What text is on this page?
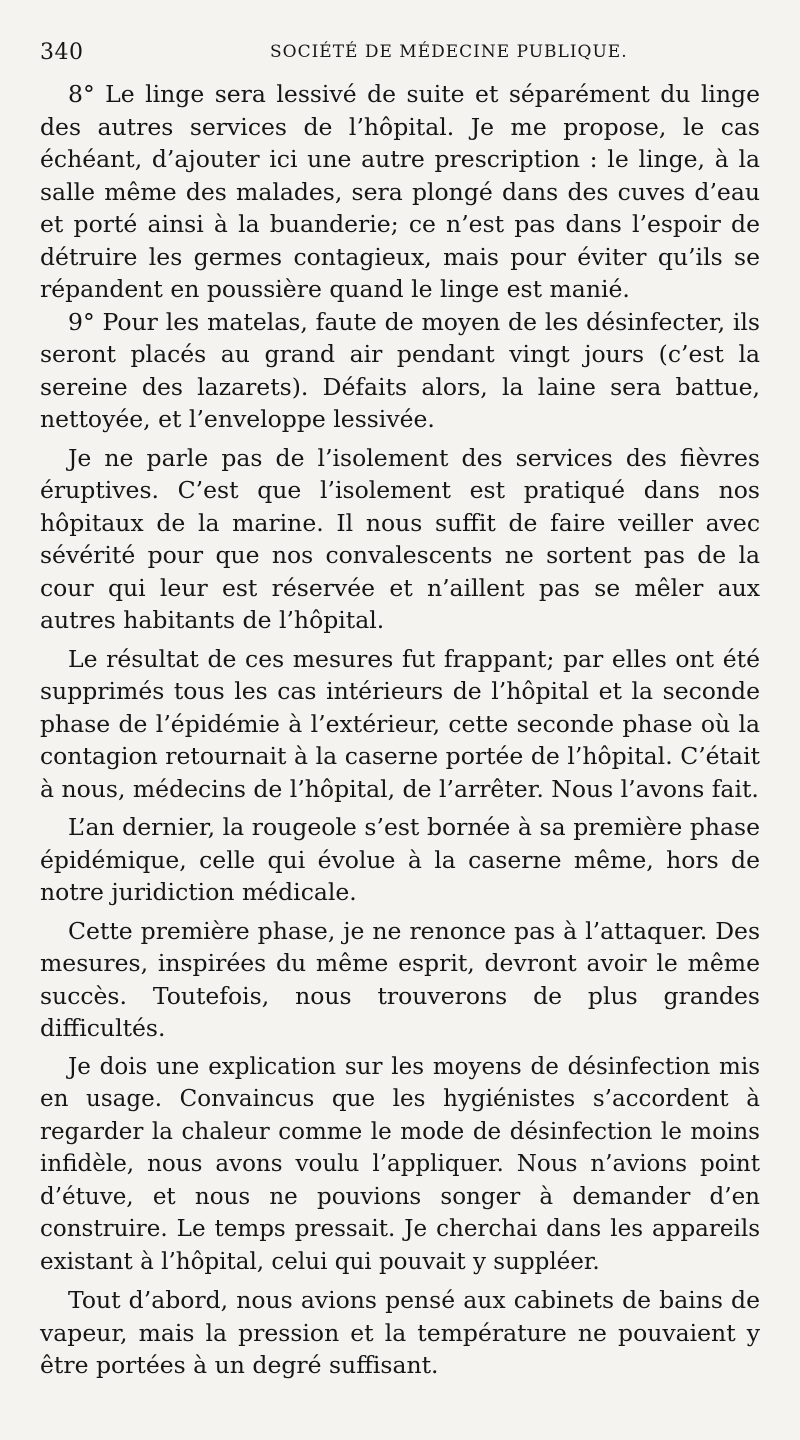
340	SOCIÉTÉ DE MÉDECINE PUBLIQUE.

8° Le linge sera lessivé de suite et séparément du linge des autres services de l’hôpital. Je me propose, le cas échéant, d’ajouter ici une autre prescription : le linge, à la salle même des malades, sera plongé dans des cuves d’eau et porté ainsi à la buanderie; ce n’est pas dans l’espoir de détruire les germes contagieux, mais pour éviter qu’ils se répandent en poussière quand le linge est manié.

9° Pour les matelas, faute de moyen de les désinfecter, ils seront placés au grand air pendant vingt jours (c’est la sereine des lazarets). Défaits alors, la laine sera battue, nettoyée, et l’enveloppe lessivée.

Je ne parle pas de l’isolement des services des fièvres éruptives. C’est que l’isolement est pratiqué dans nos hôpitaux de la marine. Il nous suffit de faire veiller avec sévérité pour que nos convalescents ne sortent pas de la cour qui leur est réservée et n’aillent pas se mêler aux autres habitants de l’hôpital.

Le résultat de ces mesures fut frappant; par elles ont été supprimés tous les cas intérieurs de l’hôpital et la seconde phase de l’épidémie à l’extérieur, cette seconde phase où la contagion retournait à la caserne portée de l’hôpital. C’était à nous, médecins de l’hôpital, de l’arrêter. Nous l’avons fait.

L’an dernier, la rougeole s’est bornée à sa première phase épidémique, celle qui évolue à la caserne même, hors de notre juridiction médicale.

Cette première phase, je ne renonce pas à l’attaquer. Des mesures, inspirées du même esprit, devront avoir le même succès. Toutefois, nous trouverons de plus grandes difficultés.

Je dois une explication sur les moyens de désinfection mis en usage. Convaincus que les hygiénistes s’accordent à regarder la chaleur comme le mode de désinfection le moins infidèle, nous avons voulu l’appliquer. Nous n’avions point d’étuve, et nous ne pouvions songer à demander d’en construire. Le temps pressait. Je cherchai dans les appareils existant à l’hôpital, celui qui pouvait y suppléer.

Tout d’abord, nous avions pensé aux cabinets de bains de vapeur, mais la pression et la température ne pouvaient y être portées à un degré suffisant.
